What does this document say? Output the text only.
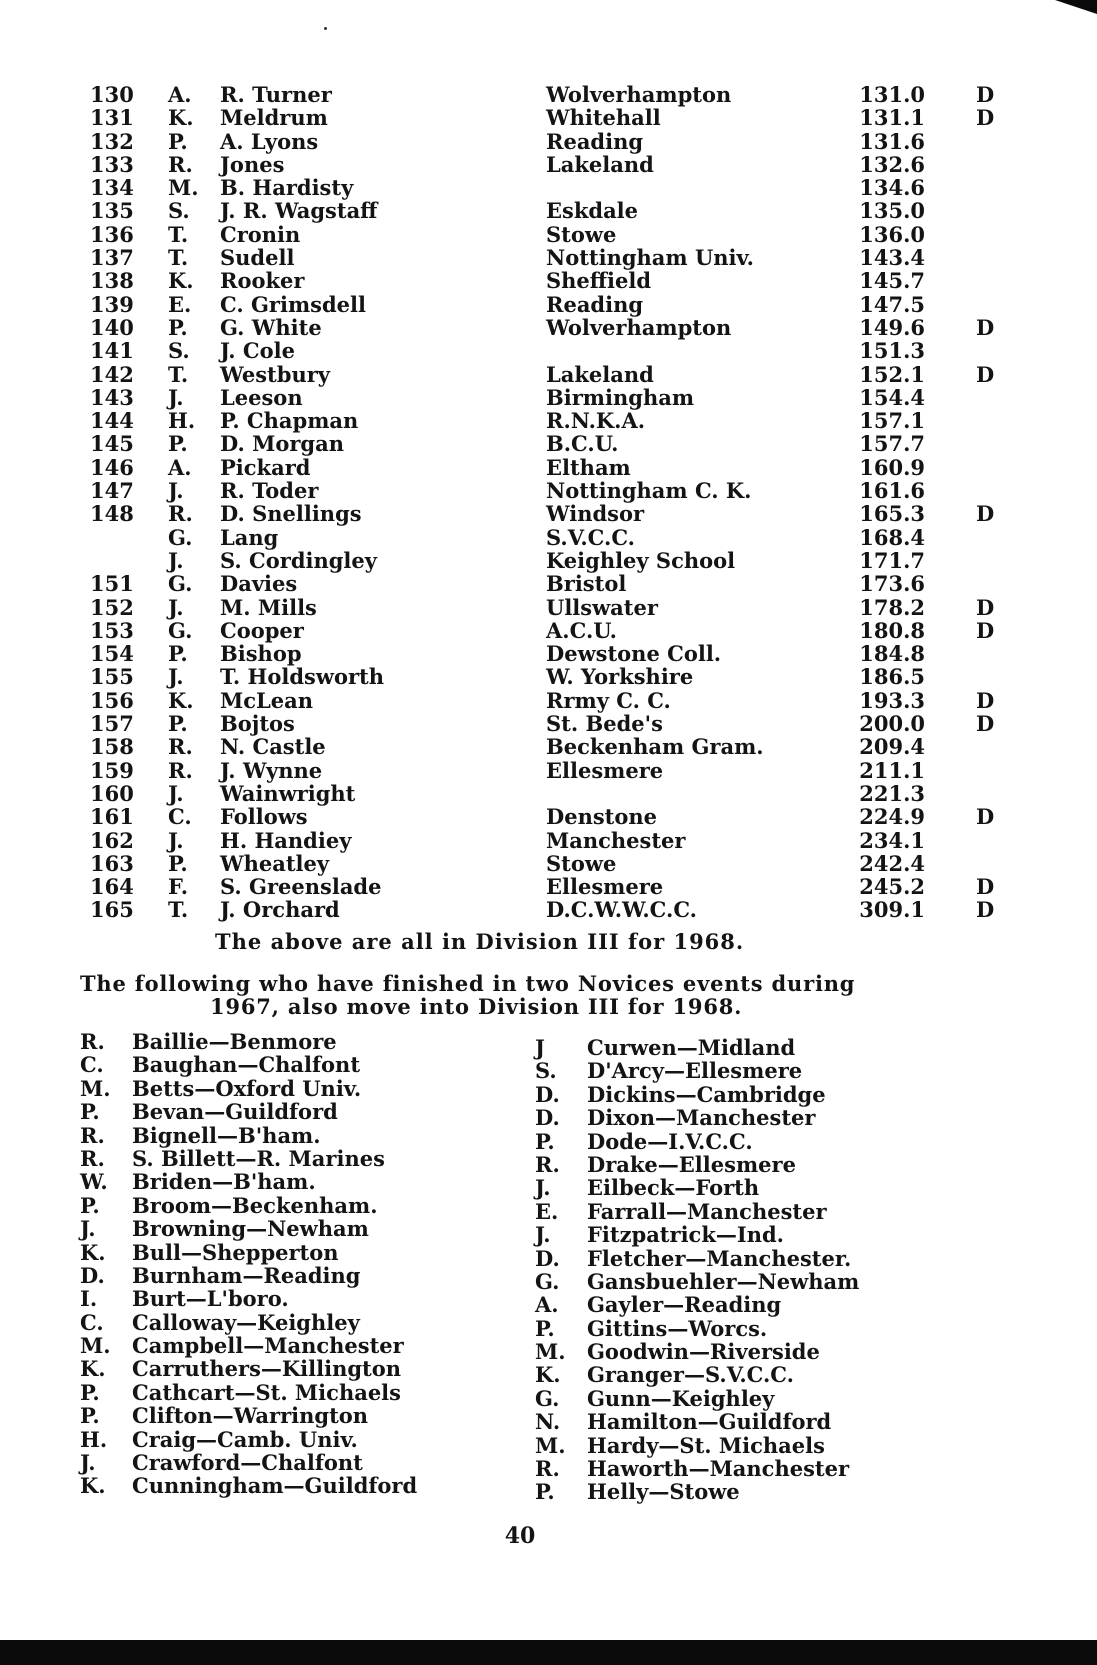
130 A. R. Turner	Wolverhampton	131.0 D
131 K. Meldrum	Whitehall	131.1 D
132 P. A. Lyons	Reading	131.6
133 R. Jones	Lakeland	132.6
134 M. B. Hardisty	134.6
135 S. J. R. Wagstaff	Eskdale	135.0
136 T. Cronin	Stowe	136.0
137 T. Sudell	Nottingham Univ.	143.4
138 K. Rooker	Sheffield	145.7
139 E. C. Grimsdell	Reading	147.5
140 P. G. White	Wolverhampton	149.6 D
141 S. J. Cole	151.3
142 T. Westbury	Lakeland	152.1 D
143 J. Leeson	Birmingham	154.4
144 H. P. Chapman	R.N.K.A.	157.1
145 P. D. Morgan	B.C.U.	157.7
146 A. Pickard	Eltham	160.9
147 J. R. Toder	Nottingham C. K.	161.6
148 R. D. Snellings	Windsor	165.3 D
G. Lang	S.V.C.C.	168.4
J. S. Cordingley	Keighley School	171.7
151 G. Davies	Bristol	173.6
152 J. M. Mills	Ullswater	178.2 D
153 G. Cooper	A.C.U.	180.8 D
154 P. Bishop	Dewstone Coll.	184.8
155 J. T. Holdsworth	W. Yorkshire	186.5
156 K. McLean	Rrmy C. C.	193.3 D
157 P. Bojtos	St. Bede's	200.0 D
158 R. N. Castle	Beckenham Gram.	209.4
159 R. J. Wynne	Ellesmere	211.1
160 J. Wainwright	221.3
161 C. Follows	Denstone	224.9 D
162 J. H. Handiey	Manchester	234.1
163 P. Wheatley	Stowe	242.4
164 F. S. Greenslade	Ellesmere	245.2 D
165 T. J. Orchard	D.C.W.W.C.C.	309.1 D
The above are all in Division III for 1968.
The following who have finished in two Novices events during
1967, also move into Division III for 1968.
R. Baillie—Benmore
C. Baughan—Chalfont
M. Betts—Oxford Univ.
P. Bevan—Guildford
R. Bignell—B'ham.
R. S. Billett—R. Marines
W. Briden—B'ham.
P. Broom—Beckenham.
J. Browning—Newham
K. Bull—Shepperton
D. Burnham—Reading
I. Burt—L'boro.
C. Calloway—Keighley
M. Campbell—Manchester
K. Carruthers—Killington
P. Cathcart—St. Michaels
P. Clifton—Warrington
H. Craig—Camb. Univ.
J. Crawford—Chalfont
K. Cunningham—Guildford
J Curwen—Midland
S. D'Arcy—Ellesmere
D. Dickins—Cambridge
D. Dixon—Manchester
P. Dode—I.V.C.C.
R. Drake—Ellesmere
J. Eilbeck—Forth
E. Farrall—Manchester
J. Fitzpatrick—Ind.
D. Fletcher—Manchester.
G. Gansbuehler—Newham
A. Gayler—Reading
P. Gittins—Worcs.
M. Goodwin—Riverside
K. Granger—S.V.C.C.
G. Gunn—Keighley
N. Hamilton—Guildford
M. Hardy—St. Michaels
R. Haworth—Manchester
P. Helly—Stowe
40
